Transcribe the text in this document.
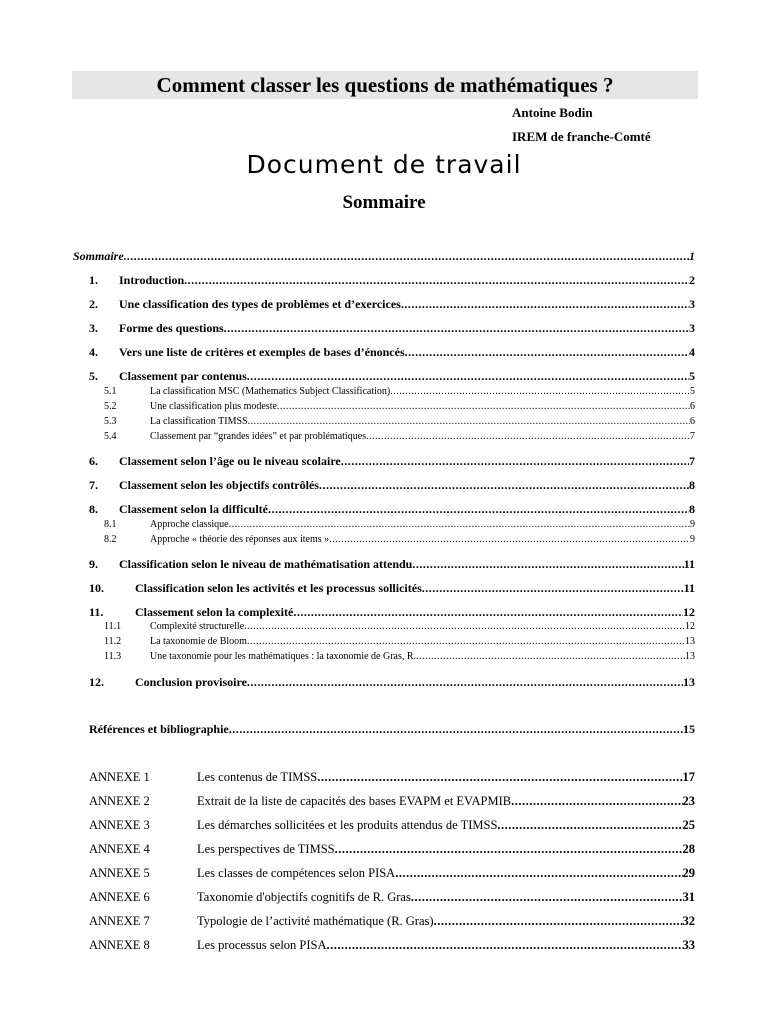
Comment classer les questions de mathématiques ?
Antoine Bodin
IREM de franche-Comté
Document de travail
Sommaire
Sommaire .....	1
1.	Introduction .....	2
2.	Une classification des types de problèmes et d’exercices .....	3
3.	Forme des questions .....	3
4.	Vers une liste de critères et exemples de bases d’énoncés .....	4
5.	Classement par contenus .....	5
5.1	La classification MSC (Mathematics Subject Classification) .....	5
5.2	Une classification plus modeste .....	6
5.3	La classification TIMSS .....	6
5.4	Classement par “grandes idées” et par problématiques .....	7
6.	Classement selon l’âge ou le niveau scolaire .....	7
7.	Classement selon les objectifs contrôlés .....	8
8.	Classement selon la difficulté .....	8
8.1	Approche classique .....	9
8.2	Approche « théorie des réponses aux items » .....	9
9.	Classification selon le niveau de mathématisation attendu .....	11
10.	Classification selon les activités et les processus sollicités .....	11
11.	Classement selon la complexité .....	12
11.1	Complexité structurelle .....	12
11.2	La taxonomie de Bloom .....	13
11.3	Une taxonomie pour les mathématiques : la taxonomie de Gras, R. .....	13
12.	Conclusion provisoire .....	13
Références et bibliographie .....	15
ANNEXE 1	Les contenus de TIMSS .....	17
ANNEXE 2	Extrait de la liste de capacités des bases EVAPM et EVAPMIB .....	23
ANNEXE 3	Les démarches sollicitées et les produits attendus de TIMSS .....	25
ANNEXE 4	Les perspectives de TIMSS .....	28
ANNEXE 5	Les classes de compétences selon PISA .....	29
ANNEXE 6	Taxonomie d'objectifs cognitifs de R. Gras .....	31
ANNEXE 7	Typologie de l’activité mathématique (R. Gras) .....	32
ANNEXE 8	Les processus selon PISA .....	33
